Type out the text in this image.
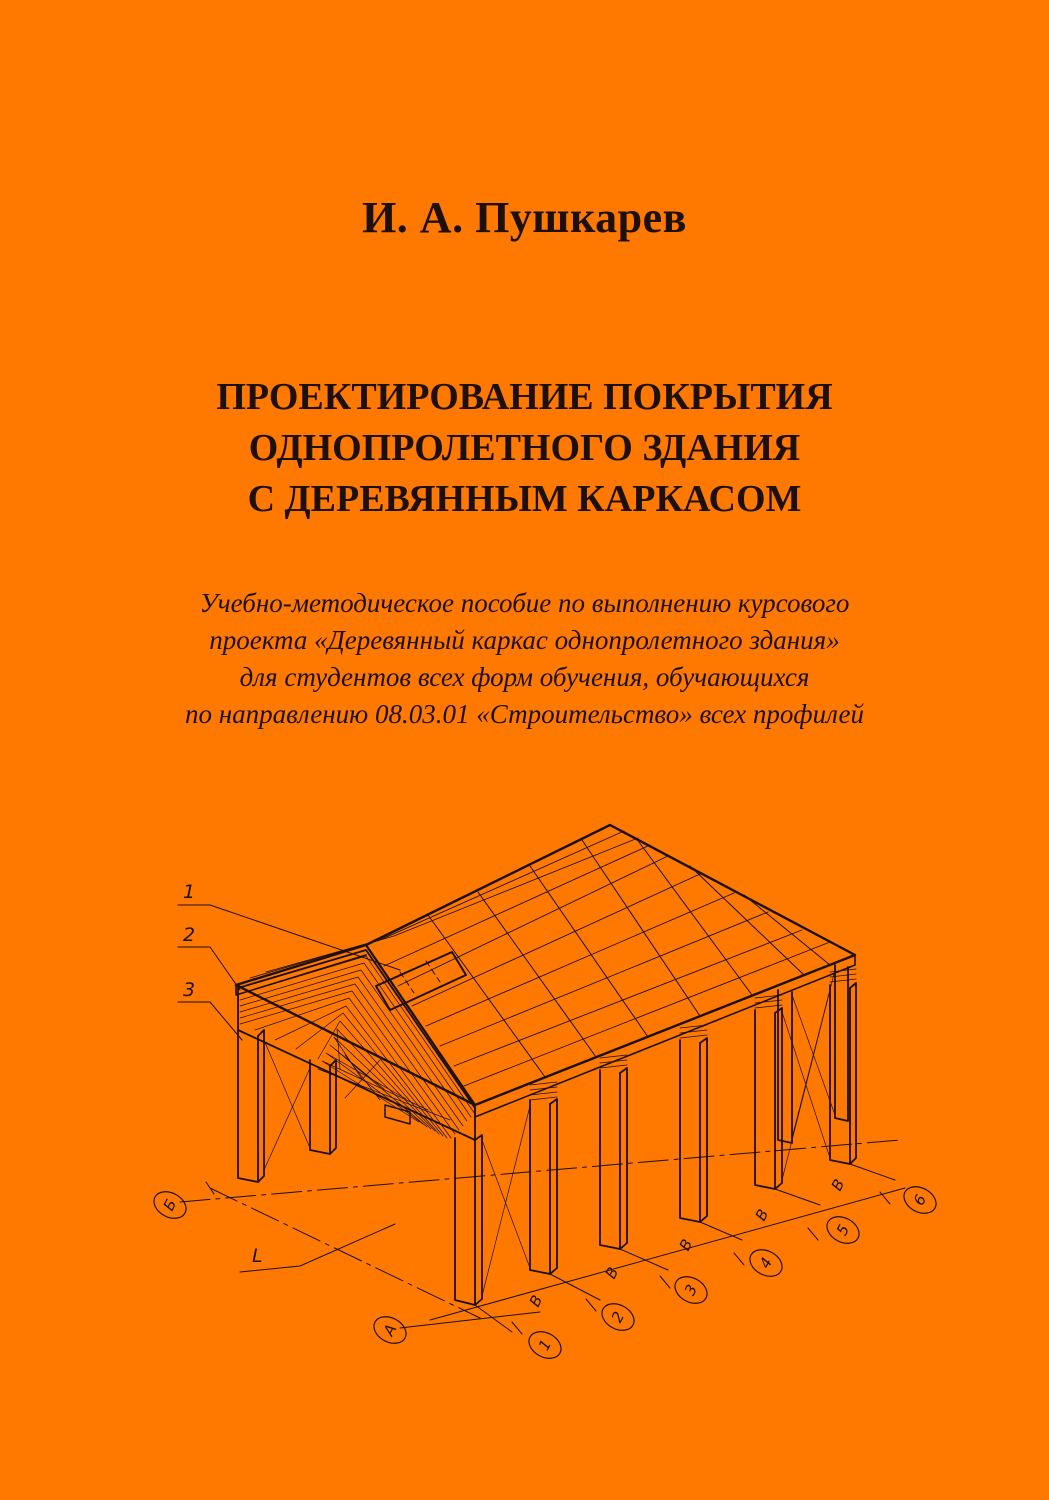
И. А. Пушкарев
ПРОЕКТИРОВАНИЕ ПОКРЫТИЯ
ОДНОПРОЛЕТНОГО ЗДАНИЯ
С ДЕРЕВЯННЫМ КАРКАСОМ

Учебно-методическое пособие по выполнению курсового
проекта «Деревянный каркас однопролетного здания»
для студентов всех форм обучения, обучающихся
по направлению 08.03.01 «Строительство» всех профилей

1
2
3
L
А
Б
1
2
3
4
5
6
В
В
В
В
В
